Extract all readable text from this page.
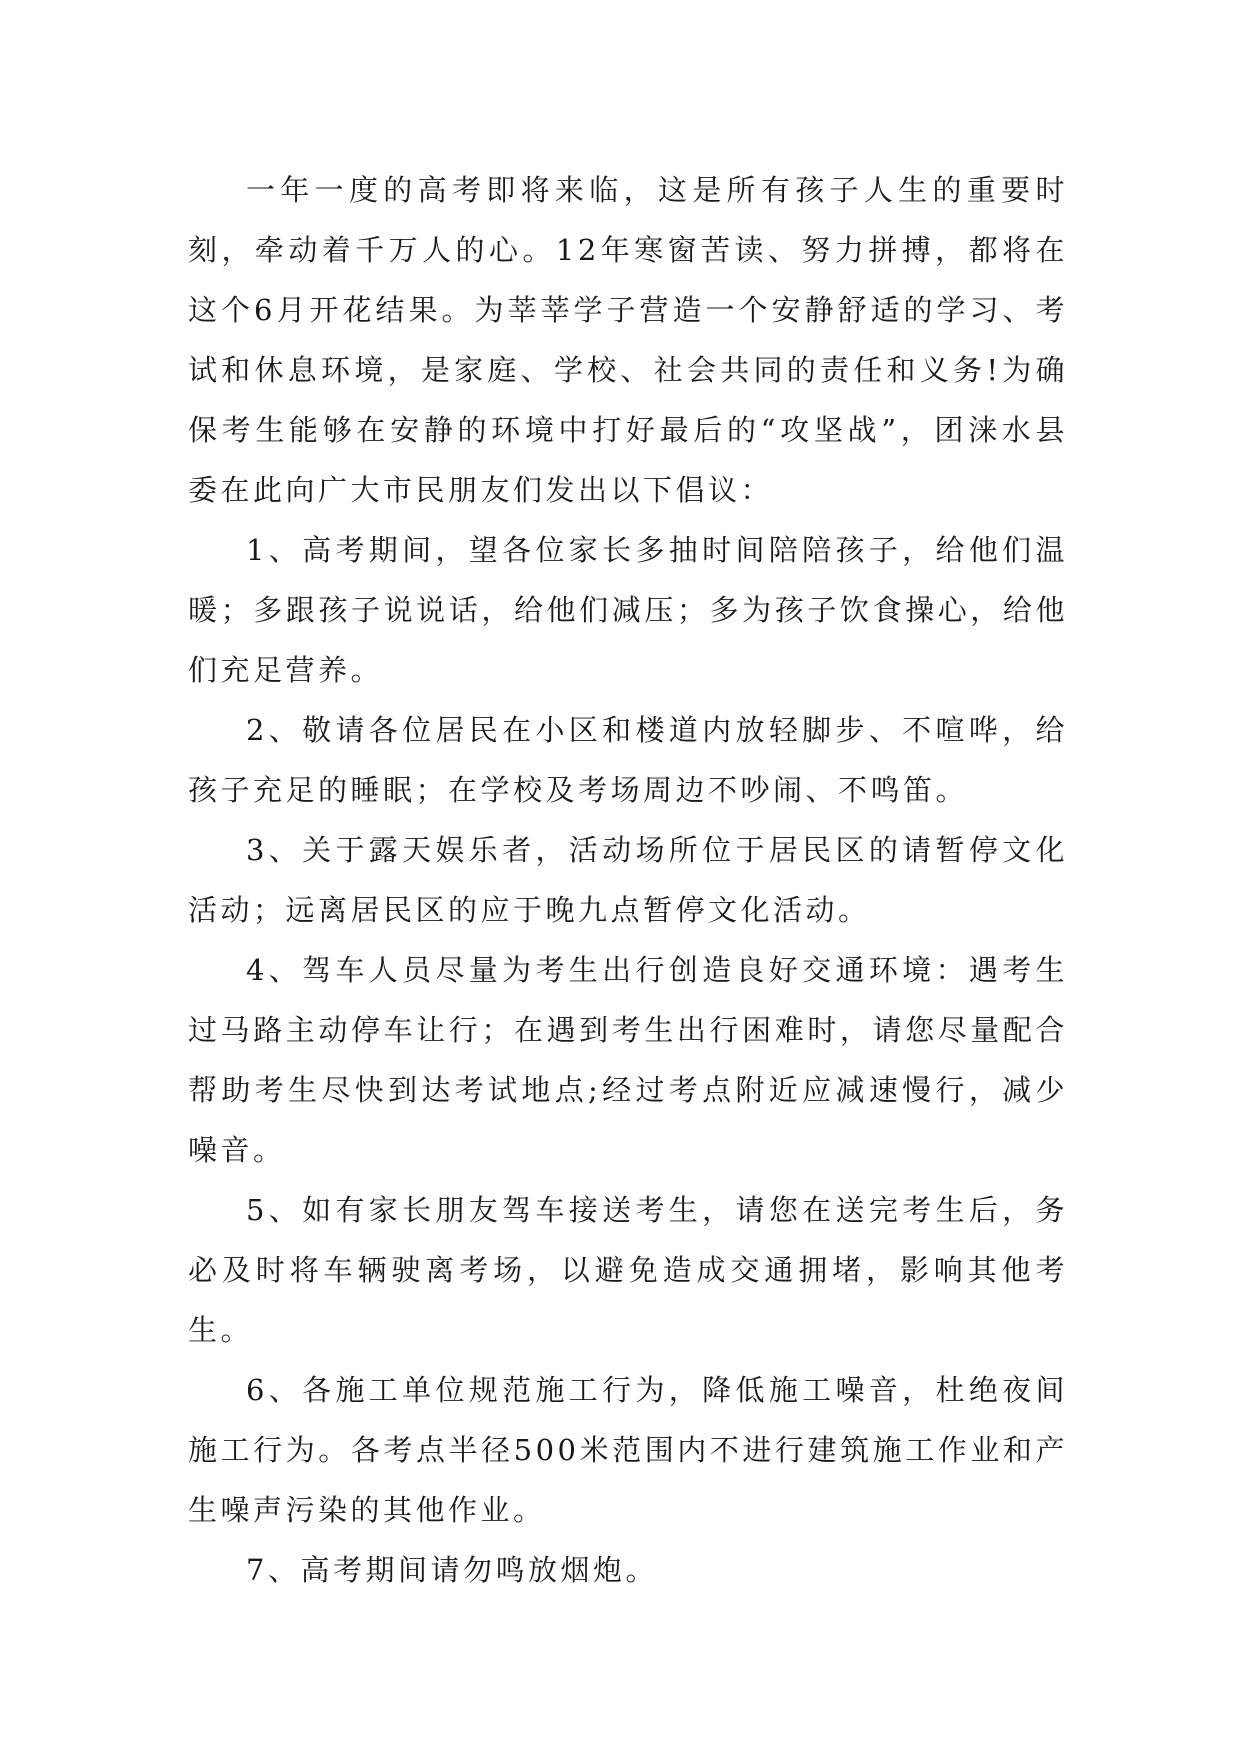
一年一度的高考即将来临，这是所有孩子人生的重要时刻，牵动着千万人的心。12年寒窗苦读、努力拼搏，都将在这个6月开花结果。为莘莘学子营造一个安静舒适的学习、考试和休息环境，是家庭、学校、社会共同的责任和义务!为确保考生能够在安静的环境中打好最后的“攻坚战”，团涞水县委在此向广大市民朋友们发出以下倡议：

1、高考期间，望各位家长多抽时间陪陪孩子，给他们温暖；多跟孩子说说话，给他们减压；多为孩子饮食操心，给他们充足营养。

2、敬请各位居民在小区和楼道内放轻脚步、不喧哗，给孩子充足的睡眠；在学校及考场周边不吵闹、不鸣笛。

3、关于露天娱乐者，活动场所位于居民区的请暂停文化活动；远离居民区的应于晚九点暂停文化活动。

4、驾车人员尽量为考生出行创造良好交通环境：遇考生过马路主动停车让行；在遇到考生出行困难时，请您尽量配合帮助考生尽快到达考试地点;经过考点附近应减速慢行，减少噪音。

5、如有家长朋友驾车接送考生，请您在送完考生后，务必及时将车辆驶离考场，以避免造成交通拥堵，影响其他考生。

6、各施工单位规范施工行为，降低施工噪音，杜绝夜间施工行为。各考点半径500米范围内不进行建筑施工作业和产生噪声污染的其他作业。

7、高考期间请勿鸣放烟炮。
